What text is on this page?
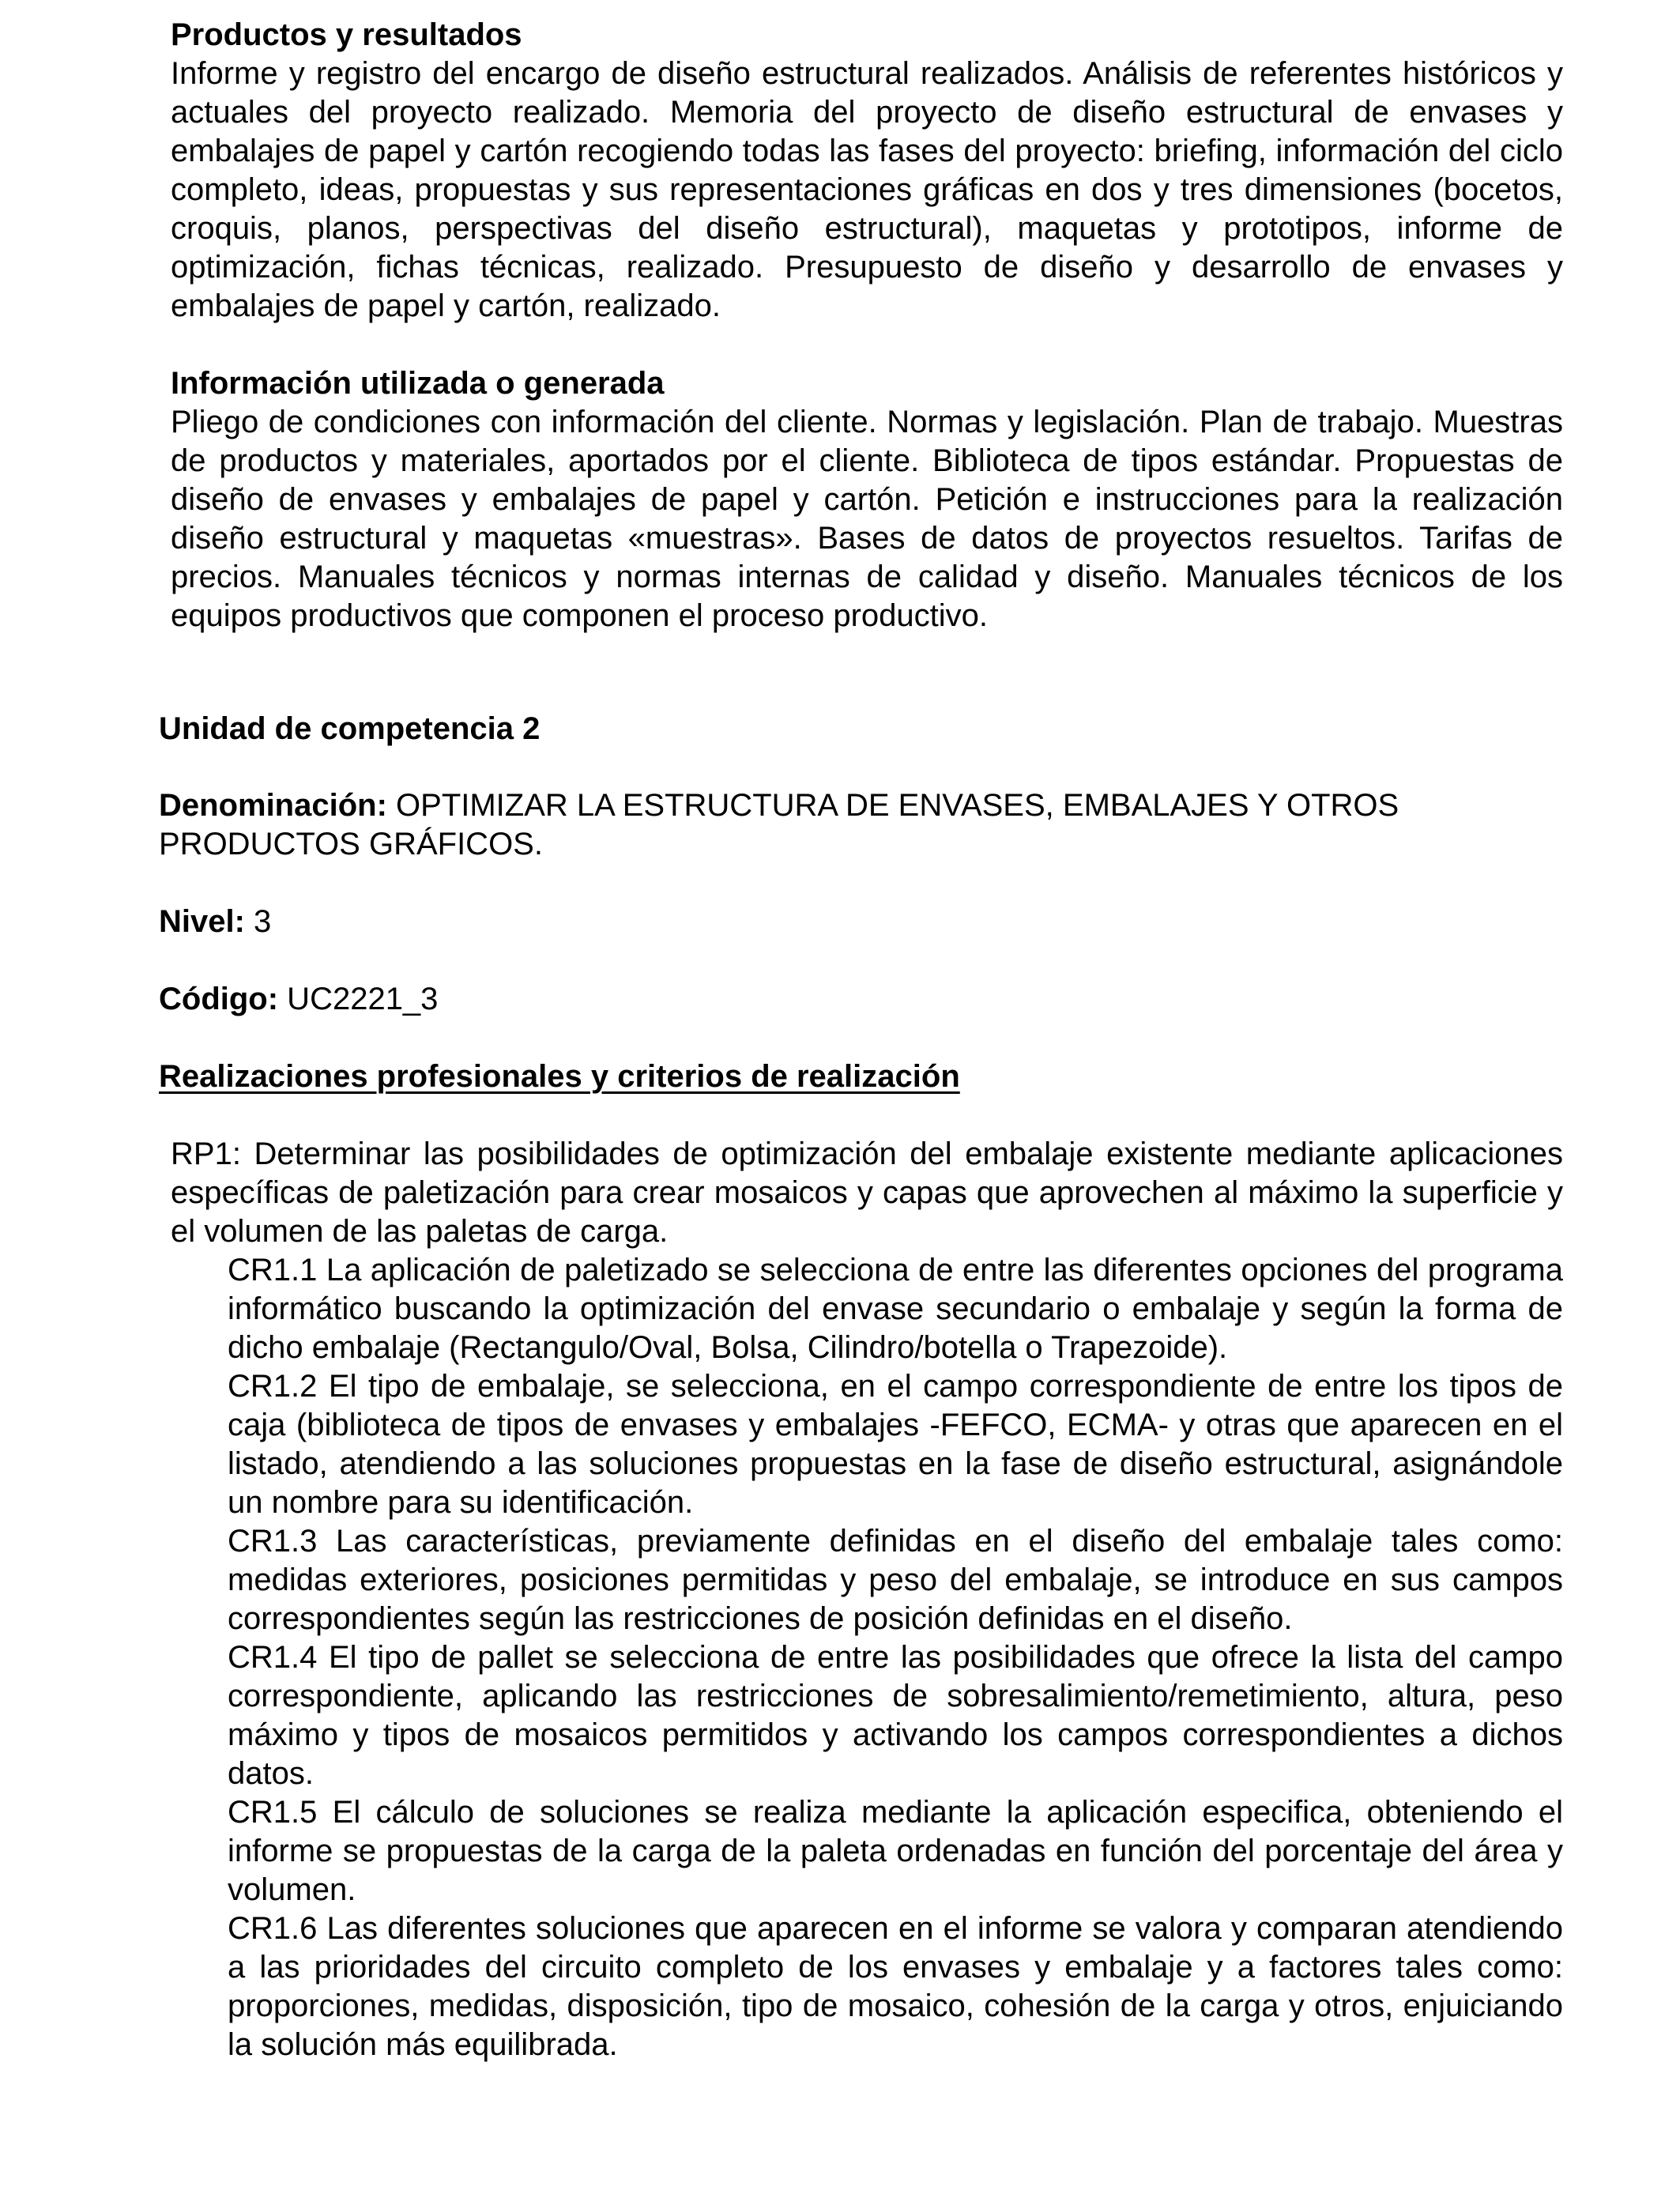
Productos y resultados

Informe y registro del encargo de diseño estructural realizados. Análisis de referentes históricos y actuales del proyecto realizado. Memoria del proyecto de diseño estructural de envases y embalajes de papel y cartón recogiendo todas las fases del proyecto: briefing, información del ciclo completo, ideas, propuestas y sus representaciones gráficas en dos y tres dimensiones (bocetos, croquis, planos, perspectivas del diseño estructural), maquetas y prototipos, informe de optimización, fichas técnicas, realizado. Presupuesto de diseño y desarrollo de envases y embalajes de papel y cartón, realizado.

Información utilizada o generada

Pliego de condiciones con información del cliente. Normas y legislación. Plan de trabajo. Muestras de productos y materiales, aportados por el cliente. Biblioteca de tipos estándar. Propuestas de diseño de envases y embalajes de papel y cartón. Petición e instrucciones para la realización diseño estructural y maquetas «muestras». Bases de datos de proyectos resueltos. Tarifas de precios. Manuales técnicos y normas internas de calidad y diseño. Manuales técnicos de los equipos productivos que componen el proceso productivo.

Unidad de competencia 2

Denominación: OPTIMIZAR LA ESTRUCTURA DE ENVASES, EMBALAJES Y OTROS PRODUCTOS GRÁFICOS.

Nivel: 3

Código: UC2221_3

Realizaciones profesionales y criterios de realización

RP1: Determinar las posibilidades de optimización del embalaje existente mediante aplicaciones específicas de paletización para crear mosaicos y capas que aprovechen al máximo la superficie y el volumen de las paletas de carga.

CR1.1 La aplicación de paletizado se selecciona de entre las diferentes opciones del programa informático buscando la optimización del envase secundario o embalaje y según la forma de dicho embalaje (Rectangulo/Oval, Bolsa, Cilindro/botella o Trapezoide).

CR1.2 El tipo de embalaje, se selecciona, en el campo correspondiente de entre los tipos de caja (biblioteca de tipos de envases y embalajes -FEFCO, ECMA- y otras que aparecen en el listado, atendiendo a las soluciones propuestas en la fase de diseño estructural, asignándole un nombre para su identificación.

CR1.3 Las características, previamente definidas en el diseño del embalaje tales como: medidas exteriores, posiciones permitidas y peso del embalaje, se introduce en sus campos correspondientes según las restricciones de posición definidas en el diseño.

CR1.4 El tipo de pallet se selecciona de entre las posibilidades que ofrece la lista del campo correspondiente, aplicando las restricciones de sobresalimiento/remetimiento, altura, peso máximo y tipos de mosaicos permitidos y activando los campos correspondientes a dichos datos.

CR1.5 El cálculo de soluciones se realiza mediante la aplicación especifica, obteniendo el informe se propuestas de la carga de la paleta ordenadas en función del porcentaje del área y volumen.

CR1.6 Las diferentes soluciones que aparecen en el informe se valora y comparan atendiendo a las prioridades del circuito completo de los envases y embalaje y a factores tales como: proporciones, medidas, disposición, tipo de mosaico, cohesión de la carga y otros, enjuiciando la solución más equilibrada.
